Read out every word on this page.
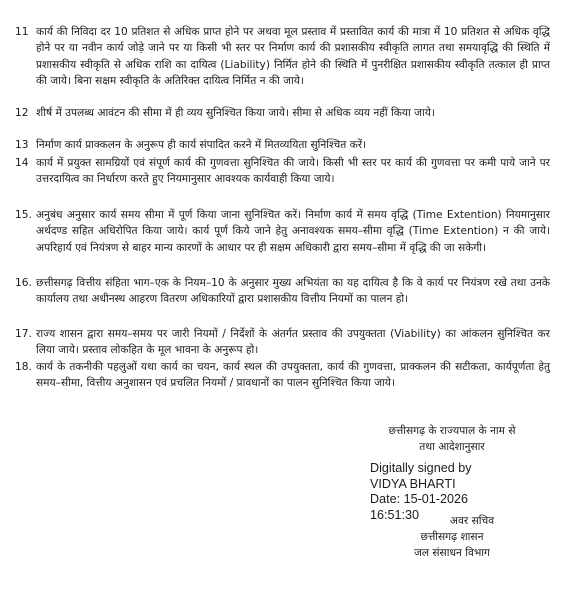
11 कार्य की निविदा दर 10 प्रतिशत से अधिक प्राप्त होने पर अथवा मूल प्रस्ताव में प्रस्तावित कार्य की मात्रा में 10 प्रतिशत से अधिक वृद्धि होने पर या नवीन कार्य जोड़े जाने पर या किसी भी स्तर पर निर्माण कार्य की प्रशासकीय स्वीकृति लागत तथा समयावृद्धि की स्थिति में प्रशासकीय स्वीकृति से अधिक राशि का दायित्व (Liability) निर्मित होने की स्थिति में पुनरीक्षित प्रशासकीय स्वीकृति तत्काल ही प्राप्त की जाये। बिना सक्षम स्वीकृति के अतिरिक्त दायित्व निर्मित न की जाये।
12 शीर्ष में उपलब्ध आवंटन की सीमा में ही व्यय सुनिश्चित किया जाये। सीमा से अधिक व्यय नहीं किया जाये।
13 निर्माण कार्य प्राक्कलन के अनुरूप ही कार्य संपादित करने में मितव्ययिता सुनिश्चित करें।
14 कार्य में प्रयुक्त सामग्रियों एवं संपूर्ण कार्य की गुणवत्ता सुनिश्चित की जाये। किसी भी स्तर पर कार्य की गुणवत्ता पर कमी पाये जाने पर उत्तरदायित्व का निर्धारण करते हुए नियमानुसार आवश्यक कार्यवाही किया जाये।
15. अनुबंध अनुसार कार्य समय सीमा में पूर्ण किया जाना सुनिश्चित करें। निर्माण कार्य में समय वृद्धि (Time Extention) नियमानुसार अर्थदण्ड सहित अधिरोपित किया जाये। कार्य पूर्ण किये जाने हेतु अनावश्यक समय–सीमा वृद्धि (Time Extention) न की जाये। अपरिहार्य एवं नियंत्रण से बाहर मान्य कारणों के आधार पर ही सक्षम अधिकारी द्वारा समय–सीमा में वृद्धि की जा सकेगी।
16. छत्तीसगढ़ वित्तीय संहिता भाग–एक के नियम–10 के अनुसार मुख्य अभियंता का यह दायित्व है कि वे कार्य पर नियंत्रण रखे तथा उनके कार्यालय तथा अधीनस्थ आहरण वितरण अधिकारियों द्वारा प्रशासकीय वित्तीय नियमों का पालन हो।
17. राज्य शासन द्वारा समय–समय पर जारी नियमों / निर्देशों के अंतर्गत प्रस्ताव की उपयुक्तता (Viability) का आंकलन सुनिश्चित कर लिया जाये। प्रस्ताव लोकहित के मूल भावना के अनुरूप हो।
18. कार्य के तकनीकी पहलुओं यथा कार्य का चयन, कार्य स्थल की उपयुक्तता, कार्य की गुणवत्ता, प्राक्कलन की सटीकता, कार्यपूर्णता हेतु समय–सीमा, वित्तीय अनुशासन एवं प्रचलित नियमों / प्रावधानों का पालन सुनिश्चित किया जाये।
छत्तीसगढ़ के राज्यपाल के नाम से
तथा आदेशानुसार
Digitally signed by
VIDYA BHARTI
Date: 15-01-2026
16:51:30	अवर सचिव
छत्तीसगढ़ शासन
जल संसाधन विभाग
